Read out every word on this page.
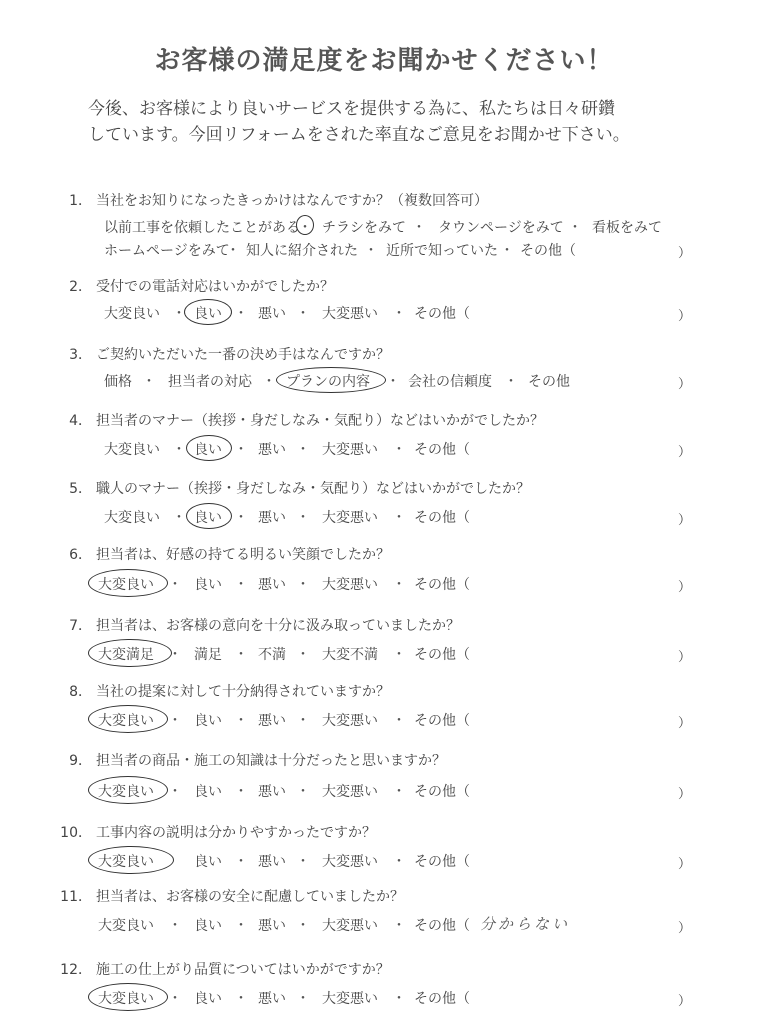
お客様の満足度をお聞かせください！
今後、お客様により良いサービスを提供する為に、私たちは日々研鑽
しています。今回リフォームをされた率直なご意見をお聞かせ下さい。
1． 当社をお知りになったきっかけはなんですか？（複数回答可）
以前工事を依頼したことがある
・ チラシをみて ・ タウンページをみて ・ 看板をみて
ホームページをみて
・ 知人に紹介された ・ 近所で知っていた ・ その他（	）
2． 受付での電話対応はいかがでしたか？
大変良い ・ 良い ・ 悪い ・ 大変悪い ・ その他（	）
3． ご契約いただいた一番の決め手はなんですか？
価格 ・ 担当者の対応 ・ プランの内容 ・ 会社の信頼度 ・ その他	）
4． 担当者のマナー（挨拶・身だしなみ・気配り）などはいかがでしたか？
大変良い ・ 良い ・ 悪い ・ 大変悪い ・ その他（	）
5． 職人のマナー（挨拶・身だしなみ・気配り）などはいかがでしたか？
大変良い ・ 良い ・ 悪い ・ 大変悪い ・ その他（	）
6． 担当者は、好感の持てる明るい笑顔でしたか？
大変良い ・ 良い ・ 悪い ・ 大変悪い ・ その他（	）
7． 担当者は、お客様の意向を十分に汲み取っていましたか？
大変満足 ・ 満足 ・ 不満 ・ 大変不満 ・ その他（	）
8． 当社の提案に対して十分納得されていますか？
大変良い ・ 良い ・ 悪い ・ 大変悪い ・ その他（	）
9． 担当者の商品・施工の知識は十分だったと思いますか？
大変良い ・ 良い ・ 悪い ・ 大変悪い ・ その他（	）
10． 工事内容の説明は分かりやすかったですか？
大変良い	良い ・ 悪い ・ 大変悪い ・ その他（	）
11． 担当者は、お客様の安全に配慮していましたか？
大変良い ・ 良い ・ 悪い ・ 大変悪い ・ その他（ 分からない	）
12． 施工の仕上がり品質についてはいかがですか？
大変良い ・ 良い ・ 悪い ・ 大変悪い ・ その他（	）
